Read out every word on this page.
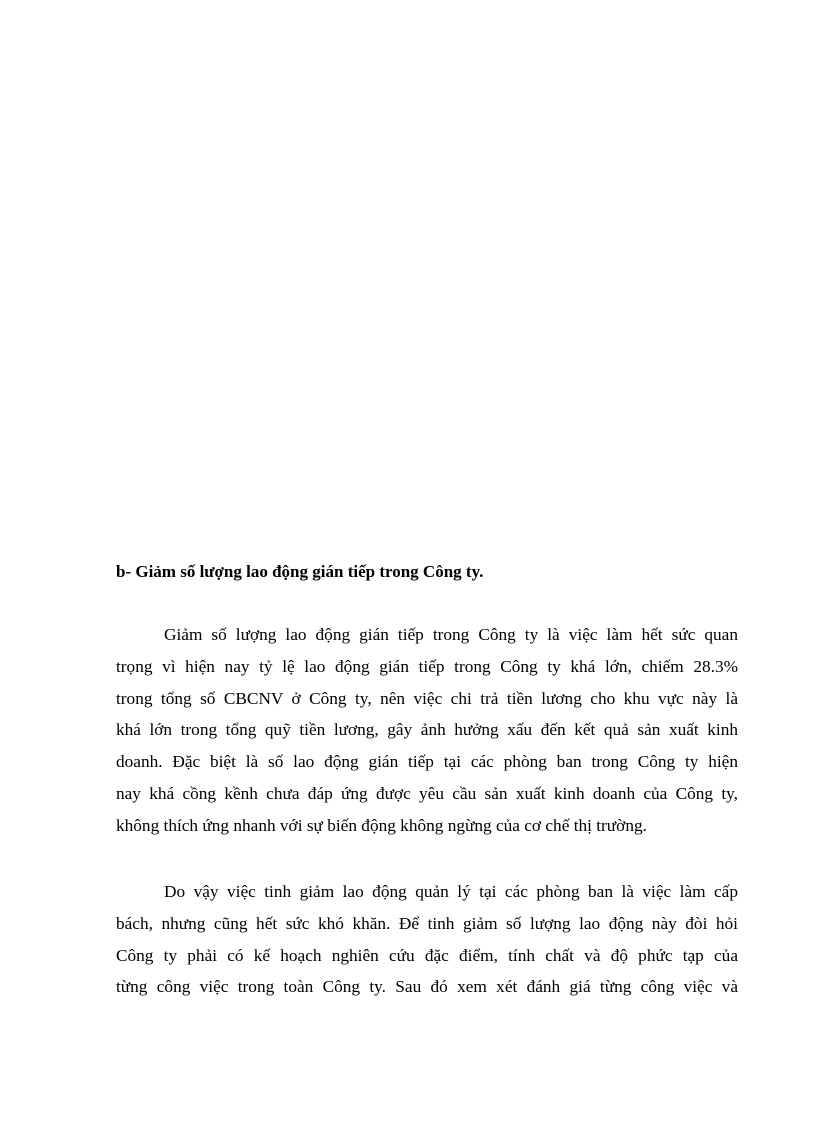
b- Giảm số lượng lao động gián tiếp trong Công ty.
Giảm số lượng lao động gián tiếp trong Công ty là việc làm hết sức quan
trọng vì hiện nay tỷ lệ lao động gián tiếp trong Công ty khá lớn, chiếm 28.3%
trong tổng số CBCNV ở Công ty, nên việc chi trả tiền lương cho khu vực này là
khá lớn trong tổng quỹ tiền lương, gây ảnh hưởng xấu đến kết quả sản xuất kinh
doanh. Đặc biệt là số lao động gián tiếp tại các phòng ban trong Công ty hiện
nay khá cồng kềnh chưa đáp ứng được yêu cầu sản xuất kinh doanh của Công ty,
không thích ứng nhanh với sự biến động không ngừng của cơ chế thị trường.
Do vậy việc tinh giảm lao động quản lý tại các phòng ban là việc làm cấp
bách, nhưng cũng hết sức khó khăn. Để tinh giảm số lượng lao động này đòi hỏi
Công ty phải có kế hoạch nghiên cứu đặc điểm, tính chất và độ phức tạp của
từng công việc trong toàn Công ty. Sau đó xem xét đánh giá từng công việc và
